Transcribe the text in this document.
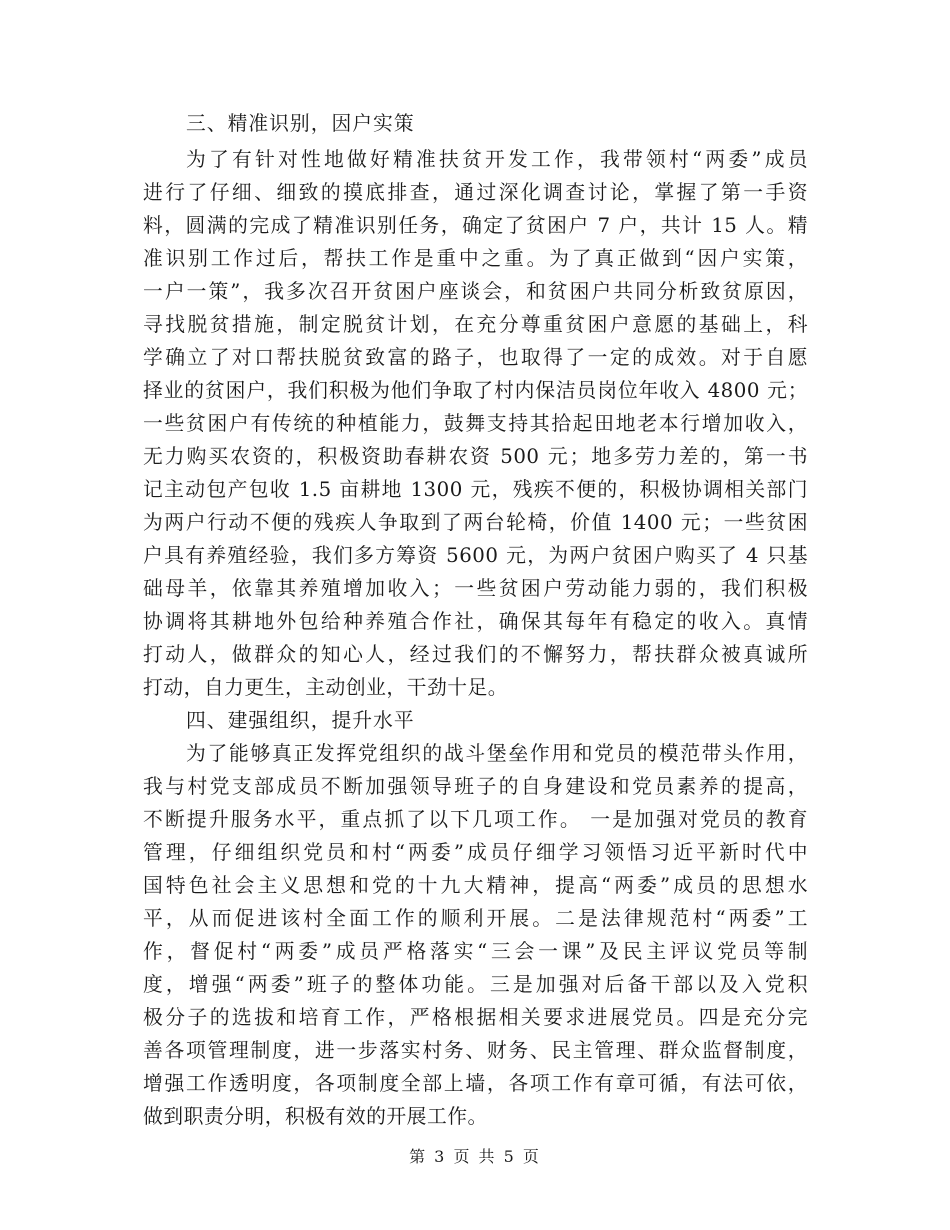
三、精准识别，因户实策
为了有针对性地做好精准扶贫开发工作，我带领村“两委”成员
进行了仔细、细致的摸底排查，通过深化调查讨论，掌握了第一手资
料，圆满的完成了精准识别任务，确定了贫困户 7 户，共计 15 人。精
准识别工作过后，帮扶工作是重中之重。为了真正做到“因户实策，
一户一策”，我多次召开贫困户座谈会，和贫困户共同分析致贫原因，
寻找脱贫措施，制定脱贫计划，在充分尊重贫困户意愿的基础上，科
学确立了对口帮扶脱贫致富的路子，也取得了一定的成效。对于自愿
择业的贫困户，我们积极为他们争取了村内保洁员岗位年收入 4800 元；
一些贫困户有传统的种植能力，鼓舞支持其拾起田地老本行增加收入，
无力购买农资的，积极资助春耕农资 500 元；地多劳力差的，第一书
记主动包产包收 1.5 亩耕地 1300 元，残疾不便的，积极协调相关部门
为两户行动不便的残疾人争取到了两台轮椅，价值 1400 元；一些贫困
户具有养殖经验，我们多方筹资 5600 元，为两户贫困户购买了 4 只基
础母羊，依靠其养殖增加收入；一些贫困户劳动能力弱的，我们积极
协调将其耕地外包给种养殖合作社，确保其每年有稳定的收入。真情
打动人，做群众的知心人，经过我们的不懈努力，帮扶群众被真诚所
打动，自力更生，主动创业，干劲十足。
四、建强组织，提升水平
为了能够真正发挥党组织的战斗堡垒作用和党员的模范带头作用，
我与村党支部成员不断加强领导班子的自身建设和党员素养的提高，
不断提升服务水平，重点抓了以下几项工作。 一是加强对党员的教育
管理，仔细组织党员和村“两委”成员仔细学习领悟习近平新时代中
国特色社会主义思想和党的十九大精神，提高“两委”成员的思想水
平，从而促进该村全面工作的顺利开展。二是法律规范村“两委”工
作，督促村“两委”成员严格落实“三会一课”及民主评议党员等制
度，增强“两委”班子的整体功能。三是加强对后备干部以及入党积
极分子的选拔和培育工作，严格根据相关要求进展党员。四是充分完
善各项管理制度，进一步落实村务、财务、民主管理、群众监督制度，
增强工作透明度，各项制度全部上墙，各项工作有章可循，有法可依，
做到职责分明，积极有效的开展工作。
第 3 页 共 5 页
